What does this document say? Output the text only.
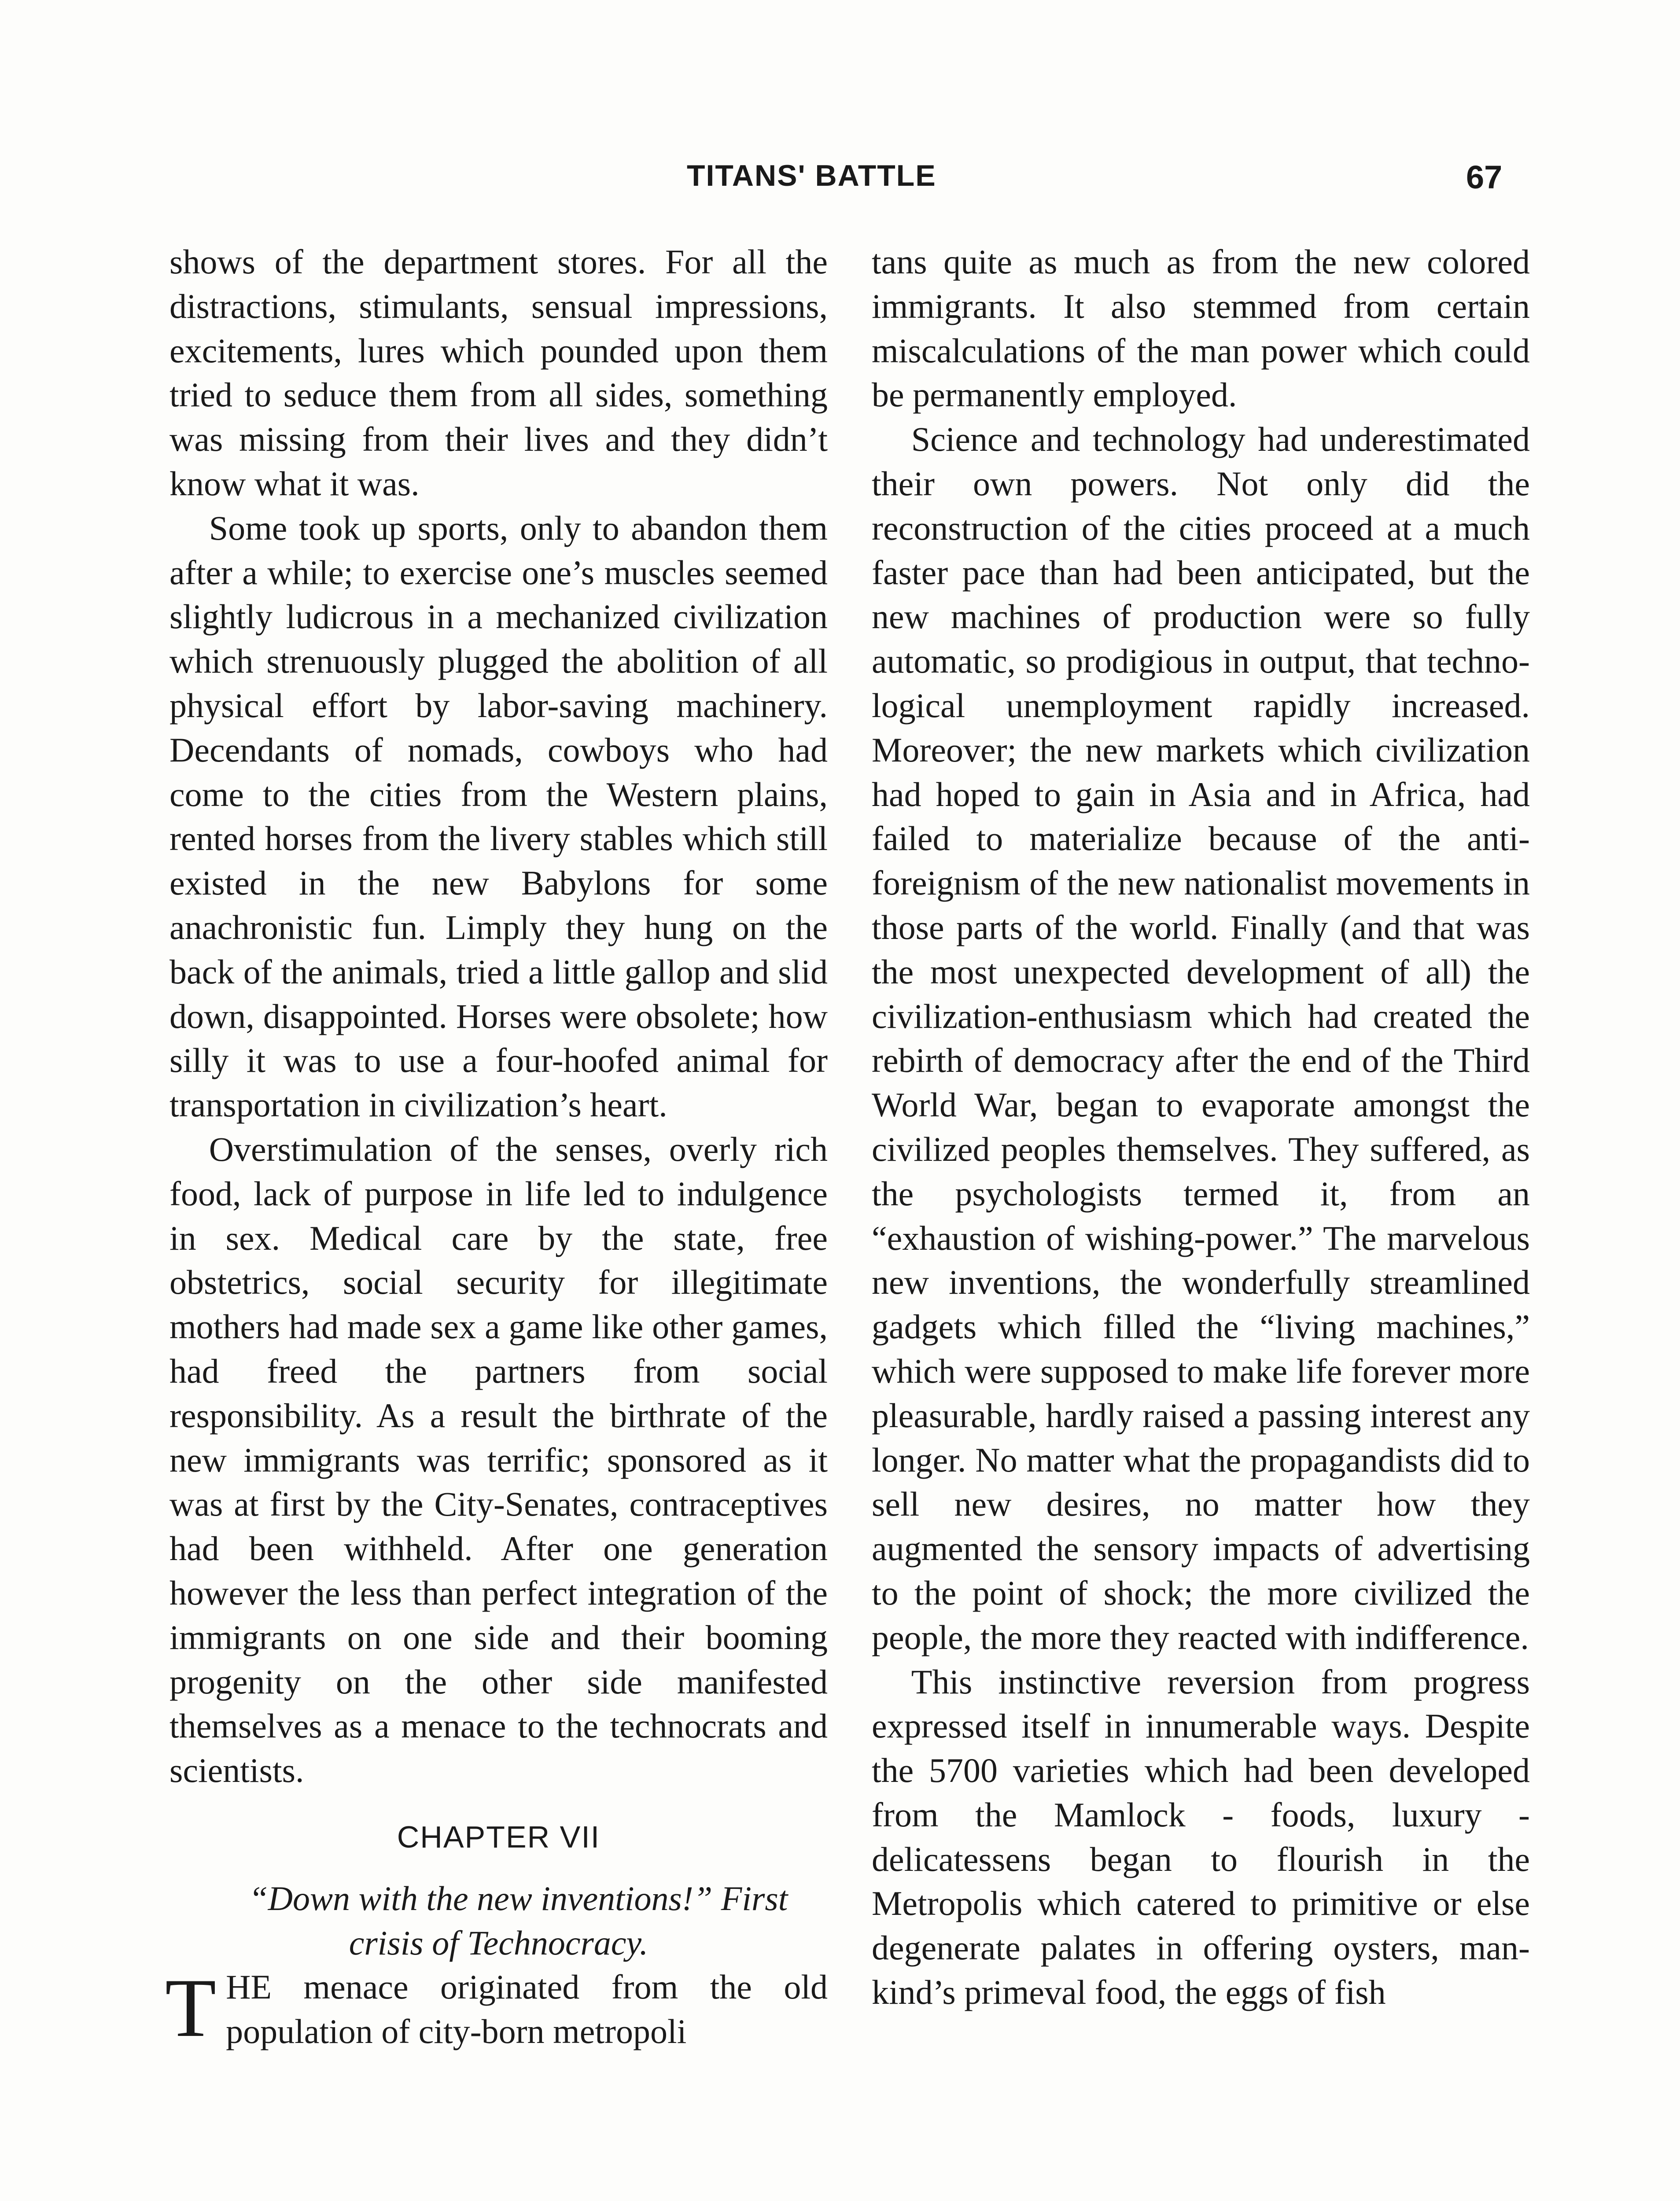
TITANS' BATTLE	67

shows of the department stores. For all the distractions, stimulants, sensual impressions, excitements, lures which pounded upon them tried to seduce them from all sides, something was missing from their lives and they didn’t know what it was.

Some took up sports, only to abandon them after a while; to exercise one’s muscles seemed slightly ludicrous in a mechanized civilization which strenuously plugged the abolition of all physical effort by labor-saving machinery. Decendants of nomads, cowboys who had come to the cities from the Western plains, rented horses from the livery stables which still existed in the new Babylons for some anachronistic fun. Limply they hung on the back of the animals, tried a little gallop and slid down, disappointed. Horses were obsolete; how silly it was to use a four-hoofed animal for transportation in civilization’s heart.

Overstimulation of the senses, overly rich food, lack of purpose in life led to indulgence in sex. Medical care by the state, free obstetrics, social security for illegitimate mothers had made sex a game like other games, had freed the partners from social responsibility. As a result the birthrate of the new immigrants was terrific; sponsored as it was at first by the City-Senates, contraceptives had been withheld. After one generation however the less than perfect integration of the immigrants on one side and their booming progenity on the other side manifested themselves as a menace to the technocrats and scientists.

CHAPTER VII

“Down with the new inventions!” First crisis of Technocracy.

THE menace originated from the old population of city-born metropoli

tans quite as much as from the new colored immigrants. It also stemmed from certain miscalculations of the man power which could be permanently employed.

Science and technology had underestimated their own powers. Not only did the reconstruction of the cities proceed at a much faster pace than had been anticipated, but the new machines of production were so fully automatic, so prodigious in output, that technological unemployment rapidly increased. Moreover; the new markets which civilization had hoped to gain in Asia and in Africa, had failed to materialize because of the anti-foreignism of the new nationalist movements in those parts of the world. Finally (and that was the most unexpected development of all) the civilization-enthusiasm which had created the rebirth of democracy after the end of the Third World War, began to evaporate amongst the civilized peoples themselves. They suffered, as the psychologists termed it, from an “exhaustion of wishing-power.” The marvelous new inventions, the wonderfully streamlined gadgets which filled the “living machines,” which were supposed to make life forever more pleasurable, hardly raised a passing interest any longer. No matter what the propagandists did to sell new desires, no matter how they augmented the sensory impacts of advertising to the point of shock; the more civilized the people, the more they reacted with indifference.

This instinctive reversion from progress expressed itself in innumerable ways. Despite the 5700 varieties which had been developed from the Mamlock - foods, luxury - delicatessens began to flourish in the Metropolis which catered to primitive or else degenerate palates in offering oysters, mankind’s primeval food, the eggs of fish
